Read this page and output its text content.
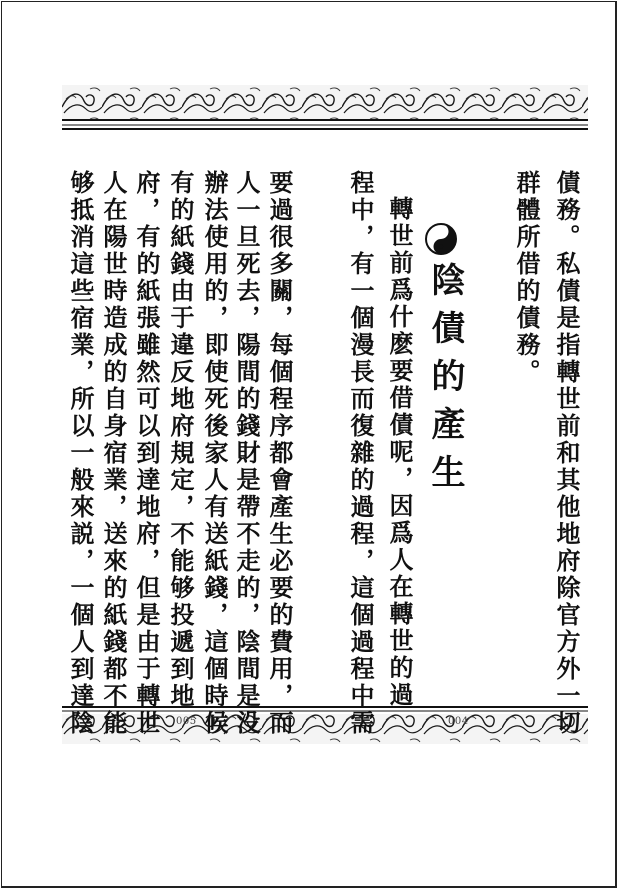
005	004
陰債的產生	債務。私債是指轉世前和其他地府除官方外一切
群體所借的債務。
轉世前爲什麽要借債呢，因爲人在轉世的過
程中，有一個漫長而復雜的過程，這個過程中需
要過很多關，每個程序都會產生必要的費用，而
人一旦死去，陽間的錢財是帶不走的，陰間是没
辦法使用的，即使死後家人有送紙錢，這個時候
有的紙錢由于違反地府規定，不能够投遞到地
府，有的紙張雖然可以到達地府，但是由于轉世
人在陽世時造成的自身宿業，送來的紙錢都不能
够抵消這些宿業，所以一般來説，一個人到達陰
